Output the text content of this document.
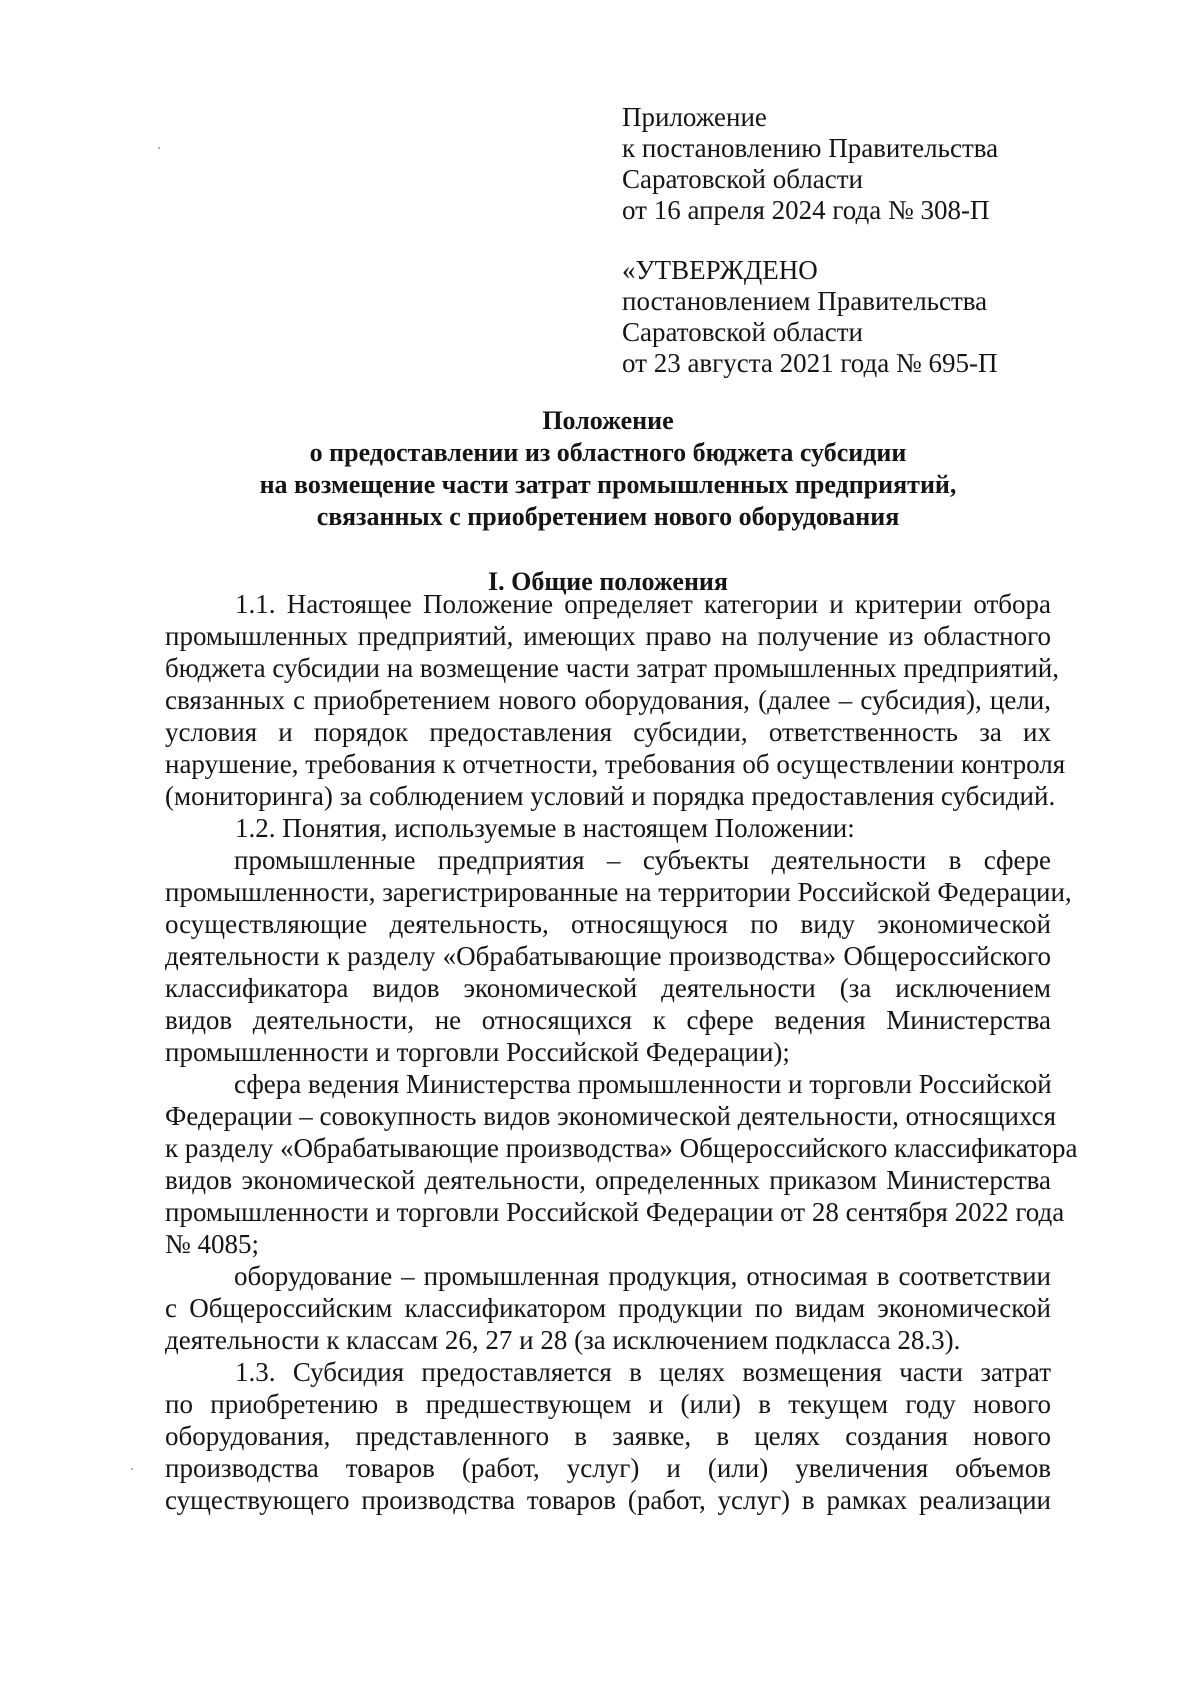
Приложение
к постановлению Правительства
Саратовской области
от 16 апреля 2024 года № 308-П
«УТВЕРЖДЕНО
постановлением Правительства
Саратовской области
от 23 августа 2021 года № 695-П
Положение
о предоставлении из областного бюджета субсидии
на возмещение части затрат промышленных предприятий,
связанных с приобретением нового оборудования
I. Общие положения
1.1. Настоящее Положение определяет категории и критерии отбора
промышленных предприятий, имеющих право на получение из областного
бюджета субсидии на возмещение части затрат промышленных предприятий,
связанных с приобретением нового оборудования, (далее – субсидия), цели,
условия и порядок предоставления субсидии, ответственность за их
нарушение, требования к отчетности, требования об осуществлении контроля
(мониторинга) за соблюдением условий и порядка предоставления субсидий.
1.2. Понятия, используемые в настоящем Положении:
промышленные предприятия – субъекты деятельности в сфере
промышленности, зарегистрированные на территории Российской Федерации,
осуществляющие деятельность, относящуюся по виду экономической
деятельности к разделу «Обрабатывающие производства» Общероссийского
классификатора видов экономической деятельности (за исключением
видов деятельности, не относящихся к сфере ведения Министерства
промышленности и торговли Российской Федерации);
сфера ведения Министерства промышленности и торговли Российской
Федерации – совокупность видов экономической деятельности, относящихся
к разделу «Обрабатывающие производства» Общероссийского классификатора
видов экономической деятельности, определенных приказом Министерства
промышленности и торговли Российской Федерации от 28 сентября 2022 года
№ 4085;
оборудование – промышленная продукция, относимая в соответствии
с Общероссийским классификатором продукции по видам экономической
деятельности к классам 26, 27 и 28 (за исключением подкласса 28.3).
1.3. Субсидия предоставляется в целях возмещения части затрат
по приобретению в предшествующем и (или) в текущем году нового
оборудования, представленного в заявке, в целях создания нового
производства товаров (работ, услуг) и (или) увеличения объемов
существующего производства товаров (работ, услуг) в рамках реализации
